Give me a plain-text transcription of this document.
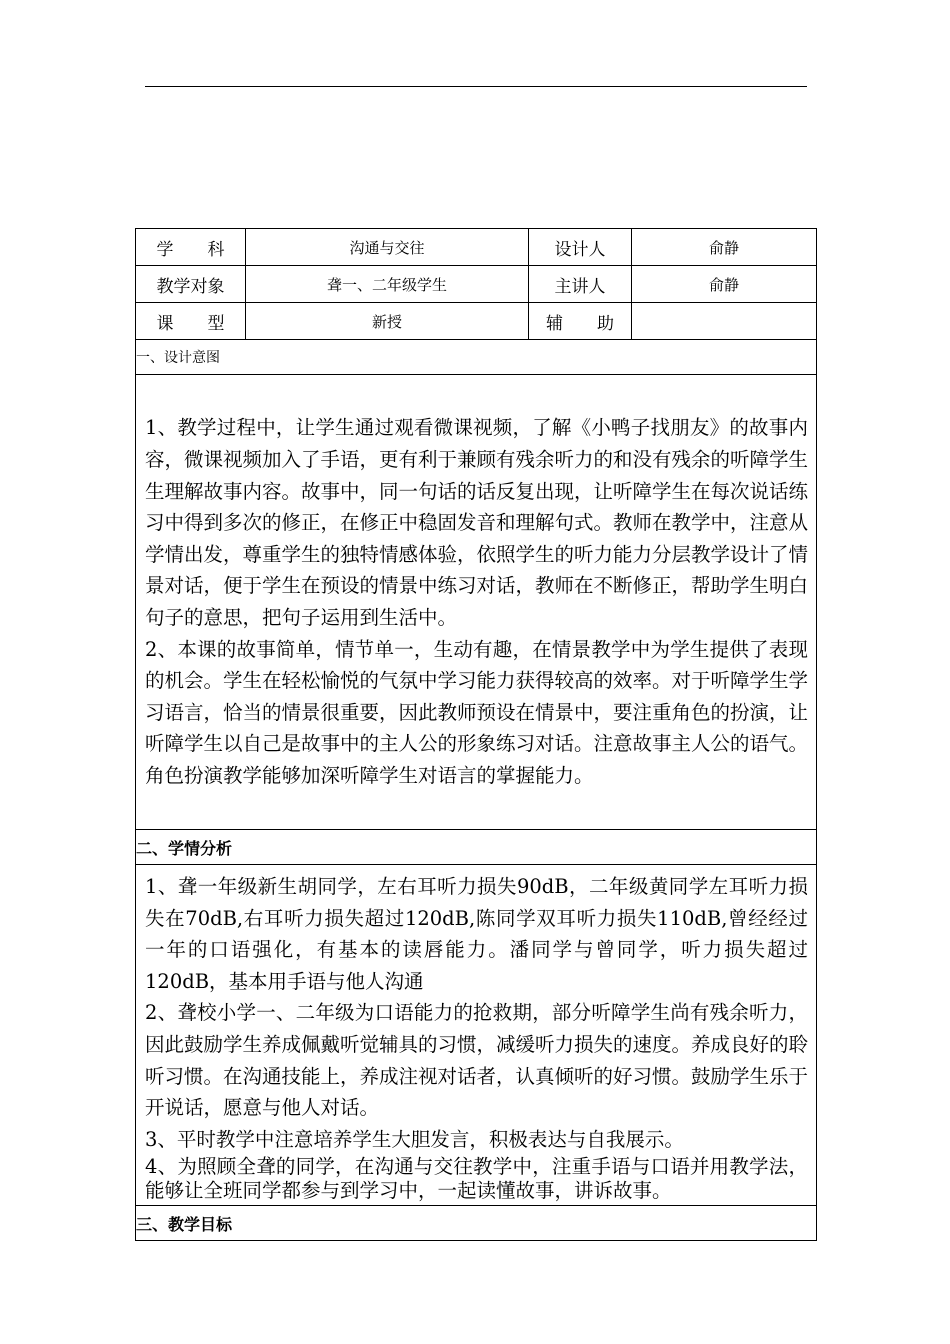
学　　科	沟通与交往	设计人	俞静
教学对象	聋一、二年级学生	主讲人	俞静
课　　型	新授	辅　　助	
一、设计意图			

1、教学过程中，让学生通过观看微课视频，了解《小鸭子找朋友》的故事内容，微课视频加入了手语，更有利于兼顾有残余听力的和没有残余的听障学生生理解故事内容。故事中，同一句话的话反复出现，让听障学生在每次说话练习中得到多次的修正，在修正中稳固发音和理解句式。教师在教学中，注意从学情出发，尊重学生的独特情感体验，依照学生的听力能力分层教学设计了情景对话，便于学生在预设的情景中练习对话，教师在不断修正，帮助学生明白句子的意思，把句子运用到生活中。

2、本课的故事简单，情节单一，生动有趣，在情景教学中为学生提供了表现的机会。学生在轻松愉悦的气氛中学习能力获得较高的效率。对于听障学生学习语言，恰当的情景很重要，因此教师预设在情景中，要注重角色的扮演，让听障学生以自己是故事中的主人公的形象练习对话。注意故事主人公的语气。角色扮演教学能够加深听障学生对语言的掌握能力。			

二、学情分析			

1、聋一年级新生胡同学，左右耳听力损失90dB，二年级黄同学左耳听力损失在70dB,右耳听力损失超过120dB,陈同学双耳听力损失110dB,曾经经过一年的口语强化，有基本的读唇能力。潘同学与曾同学，听力损失超过120dB，基本用手语与他人沟通

2、聋校小学一、二年级为口语能力的抢救期，部分听障学生尚有残余听力，因此鼓励学生养成佩戴听觉辅具的习惯，减缓听力损失的速度。养成良好的聆听习惯。在沟通技能上，养成注视对话者，认真倾听的好习惯。鼓励学生乐于开说话，愿意与他人对话。

3、平时教学中注意培养学生大胆发言，积极表达与自我展示。

4、为照顾全聋的同学，在沟通与交往教学中，注重手语与口语并用教学法，能够让全班同学都参与到学习中，一起读懂故事，讲诉故事。			

三、教学目标			
